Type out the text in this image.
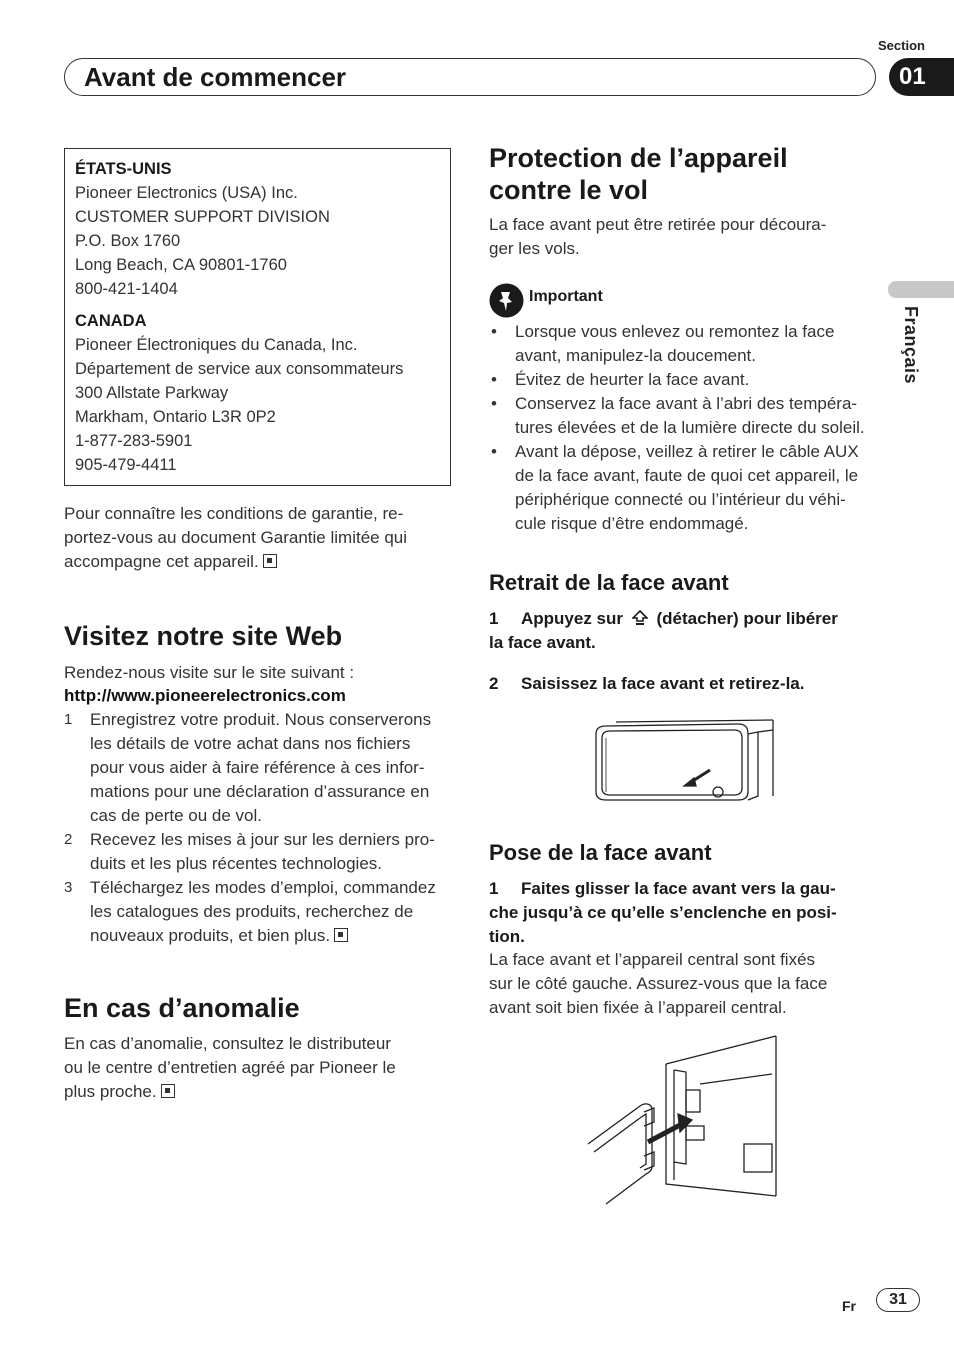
Section
Avant de commencer	01
Français
ÉTATS-UNIS
Pioneer Electronics (USA) Inc.
CUSTOMER SUPPORT DIVISION
P.O. Box 1760
Long Beach, CA 90801-1760
800-421-1404
CANADA
Pioneer Électroniques du Canada, Inc.
Département de service aux consommateurs
300 Allstate Parkway
Markham, Ontario L3R 0P2
1-877-283-5901
905-479-4411
Pour connaître les conditions de garantie, re-
portez-vous au document Garantie limitée qui
accompagne cet appareil.
Visitez notre site Web
Rendez-nous visite sur le site suivant :
http://www.pioneerelectronics.com
1 Enregistrez votre produit. Nous conserverons
les détails de votre achat dans nos fichiers
pour vous aider à faire référence à ces infor-
mations pour une déclaration d’assurance en
cas de perte ou de vol.
2 Recevez les mises à jour sur les derniers pro-
duits et les plus récentes technologies.
3 Téléchargez les modes d’emploi, commandez
les catalogues des produits, recherchez de
nouveaux produits, et bien plus.
En cas d’anomalie
En cas d’anomalie, consultez le distributeur
ou le centre d’entretien agréé par Pioneer le
plus proche.
Protection de l’appareil
contre le vol
La face avant peut être retirée pour découra-
ger les vols.
Important
• Lorsque vous enlevez ou remontez la face
avant, manipulez-la doucement.
• Évitez de heurter la face avant.
• Conservez la face avant à l’abri des tempéra-
tures élevées et de la lumière directe du soleil.
• Avant la dépose, veillez à retirer le câble AUX
de la face avant, faute de quoi cet appareil, le
périphérique connecté ou l’intérieur du véhi-
cule risque d’être endommagé.
Retrait de la face avant
1 Appuyez sur (détacher) pour libérer
la face avant.
2 Saisissez la face avant et retirez-la.
Pose de la face avant
1 Faites glisser la face avant vers la gau-
che jusqu’à ce qu’elle s’enclenche en posi-
tion.
La face avant et l’appareil central sont fixés
sur le côté gauche. Assurez-vous que la face
avant soit bien fixée à l’appareil central.
Fr	31
